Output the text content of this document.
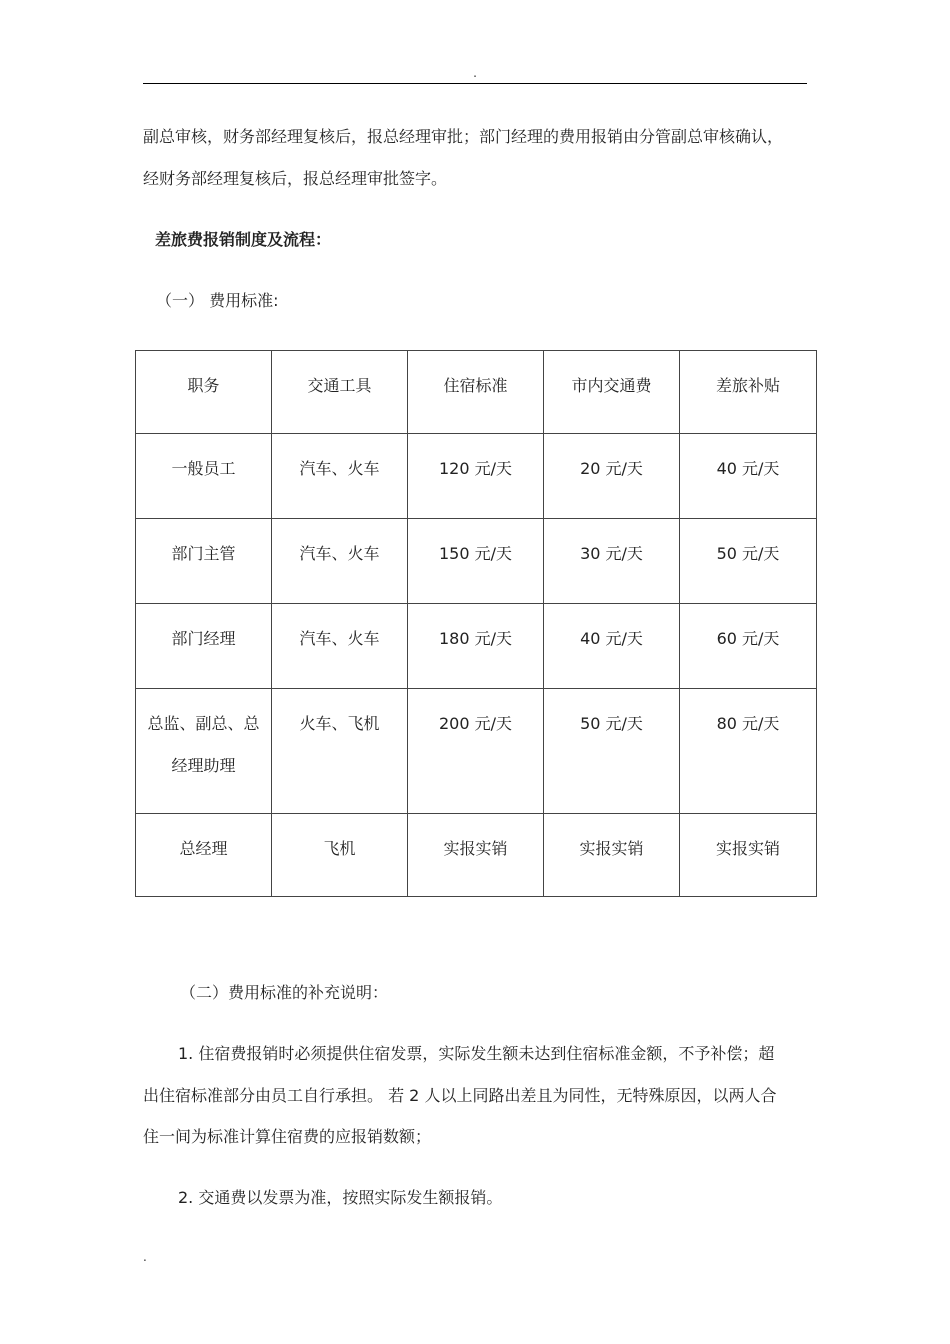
.
副总审核，财务部经理复核后，报总经理审批；部门经理的费用报销由分管副总审核确认，
经财务部经理复核后，报总经理审批签字。
差旅费报销制度及流程：
（一） 费用标准:
职务	交通工具	住宿标准	市内交通费	差旅补贴
一般员工	汽车、火车	120 元/天	20 元/天	40 元/天
部门主管	汽车、火车	150 元/天	30 元/天	50 元/天
部门经理	汽车、火车	180 元/天	40 元/天	60 元/天
总监、副总、总经理助理	火车、飞机	200 元/天	50 元/天	80 元/天
总经理	飞机	实报实销	实报实销	实报实销
（二）费用标准的补充说明：
1. 住宿费报销时必须提供住宿发票，实际发生额未达到住宿标准金额，不予补偿；超
出住宿标准部分由员工自行承担。 若 2 人以上同路出差且为同性，无特殊原因，以两人合
住一间为标准计算住宿费的应报销数额；
2. 交通费以发票为准，按照实际发生额报销。
.
